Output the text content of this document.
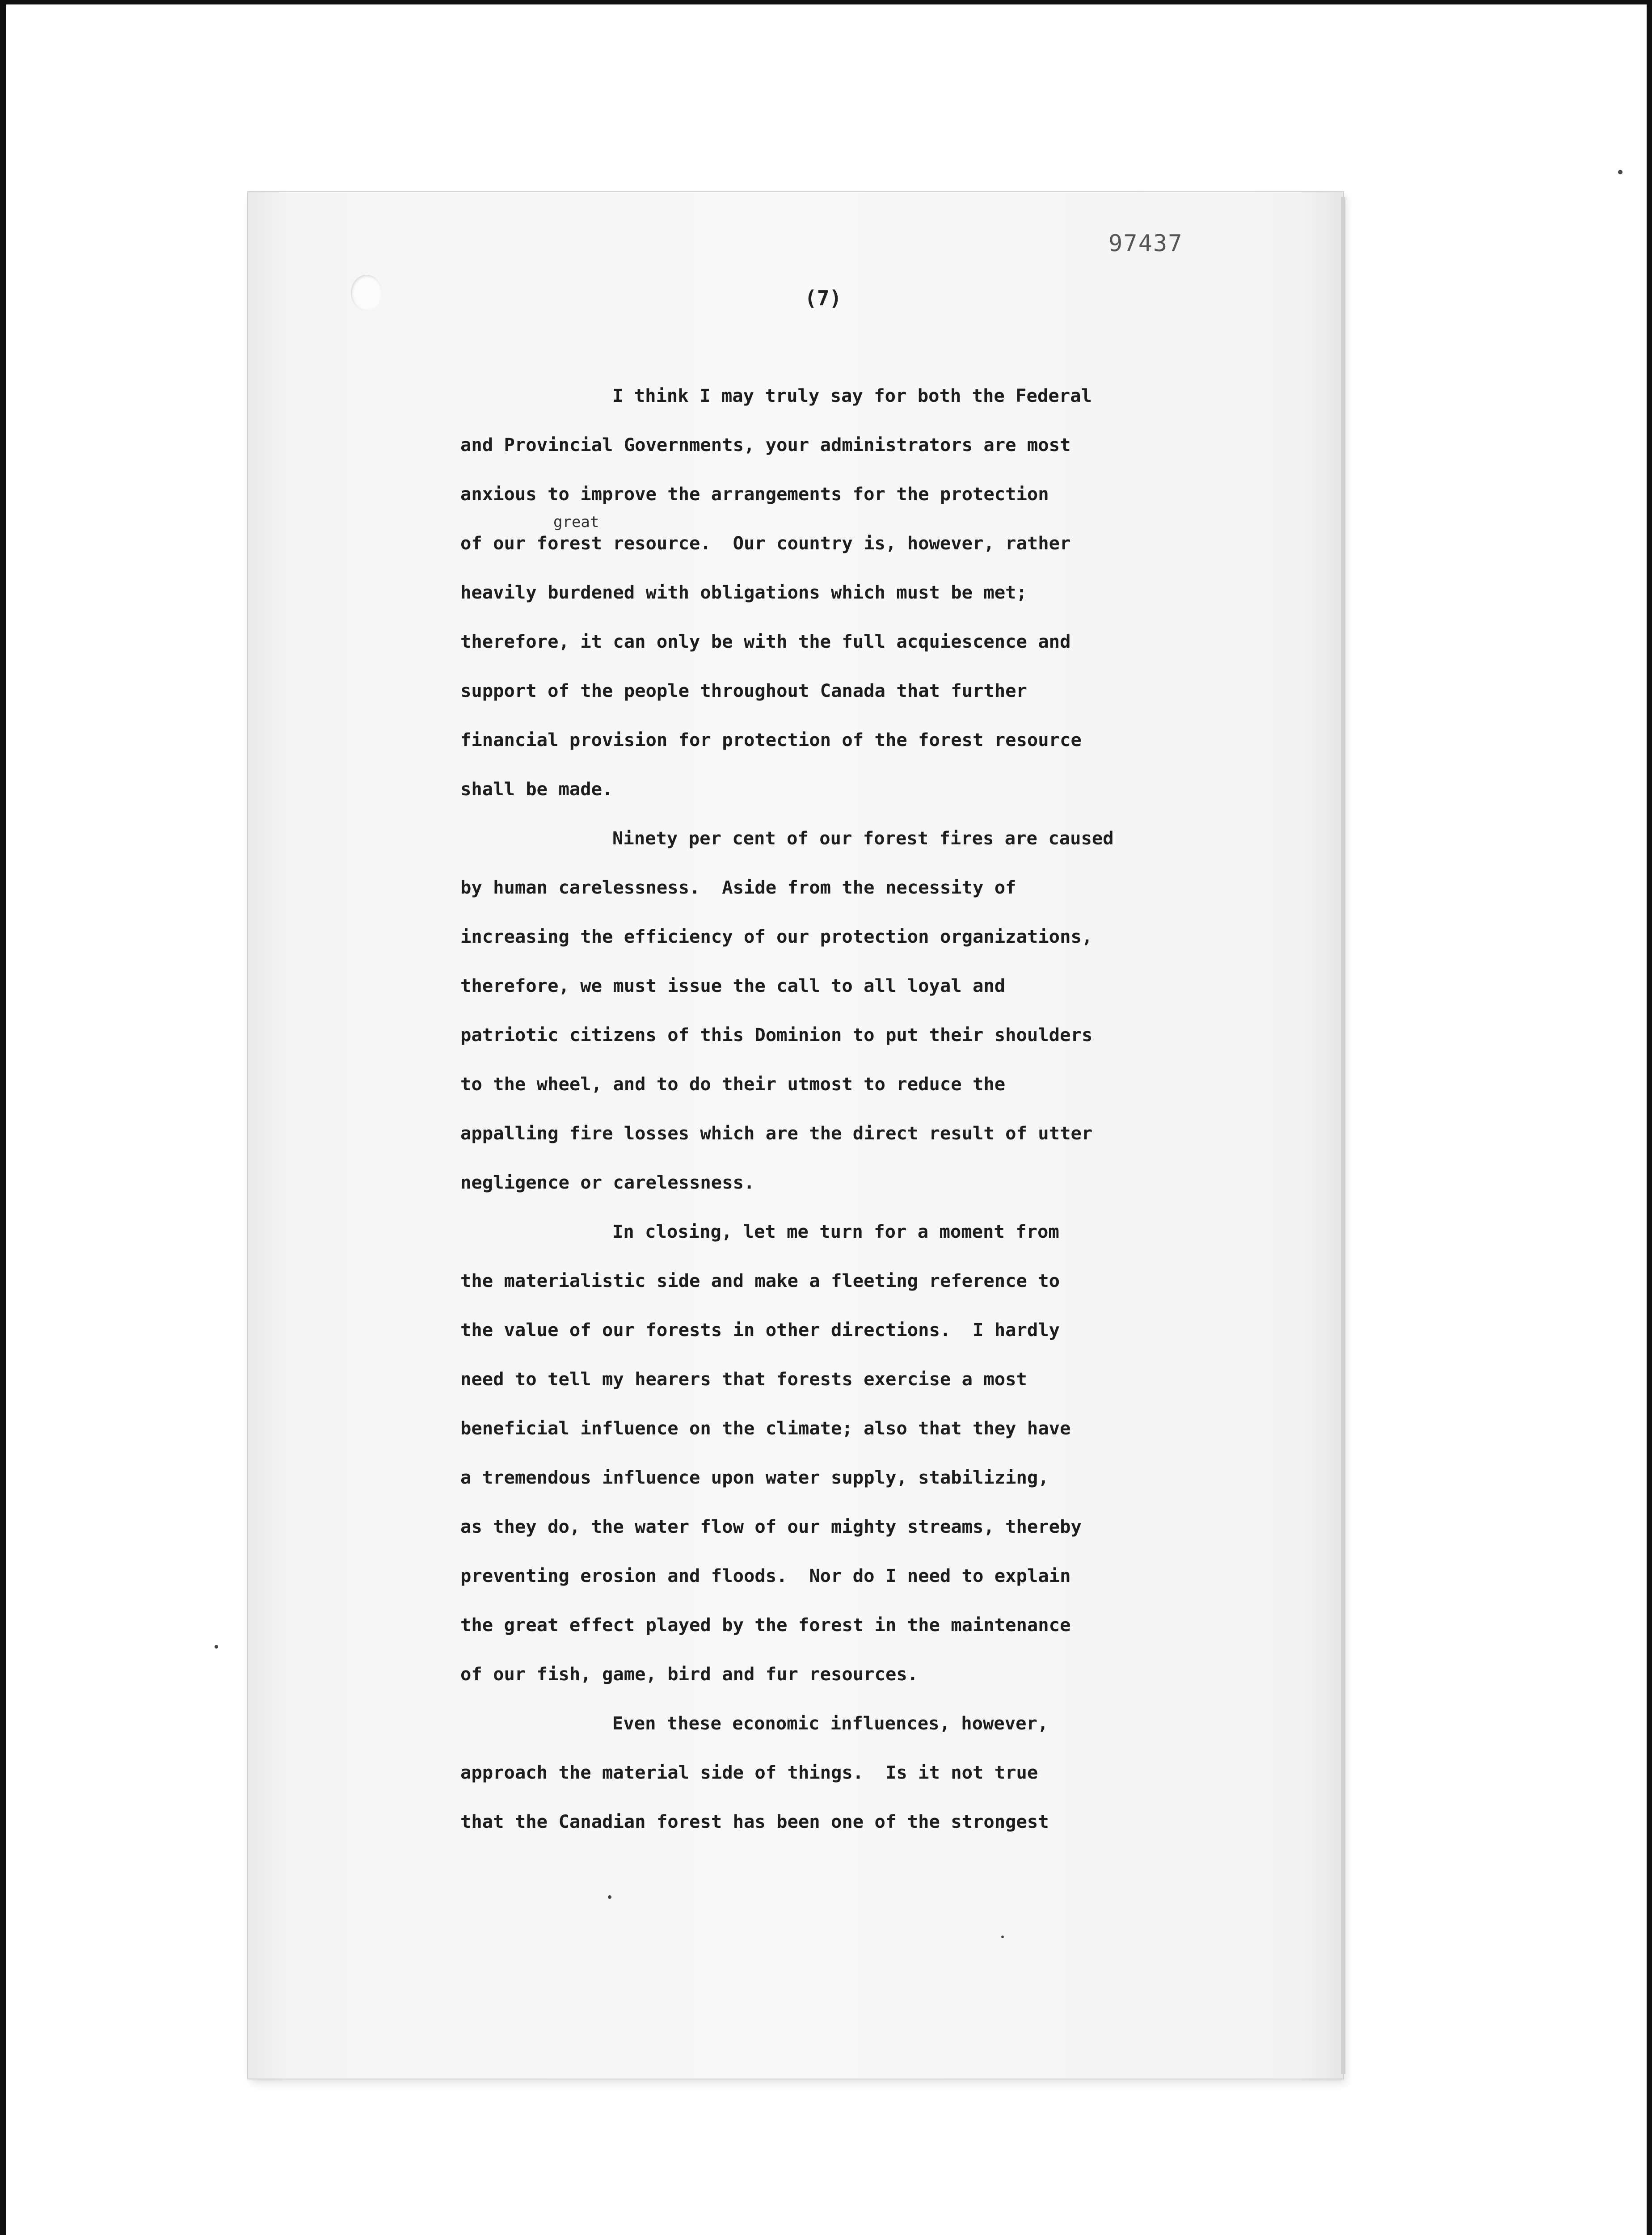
97437
(7)
great
I think I may truly say for both the Federal
and Provincial Governments, your administrators are most
anxious to improve the arrangements for the protection
of our forest resource.  Our country is, however, rather
heavily burdened with obligations which must be met;
therefore, it can only be with the full acquiescence and
support of the people throughout Canada that further
financial provision for protection of the forest resource
shall be made.
Ninety per cent of our forest fires are caused
by human carelessness.  Aside from the necessity of
increasing the efficiency of our protection organizations,
therefore, we must issue the call to all loyal and
patriotic citizens of this Dominion to put their shoulders
to the wheel, and to do their utmost to reduce the
appalling fire losses which are the direct result of utter
negligence or carelessness.
In closing, let me turn for a moment from
the materialistic side and make a fleeting reference to
the value of our forests in other directions.  I hardly
need to tell my hearers that forests exercise a most
beneficial influence on the climate; also that they have
a tremendous influence upon water supply, stabilizing,
as they do, the water flow of our mighty streams, thereby
preventing erosion and floods.  Nor do I need to explain
the great effect played by the forest in the maintenance
of our fish, game, bird and fur resources.
Even these economic influences, however,
approach the material side of things.  Is it not true
that the Canadian forest has been one of the strongest
